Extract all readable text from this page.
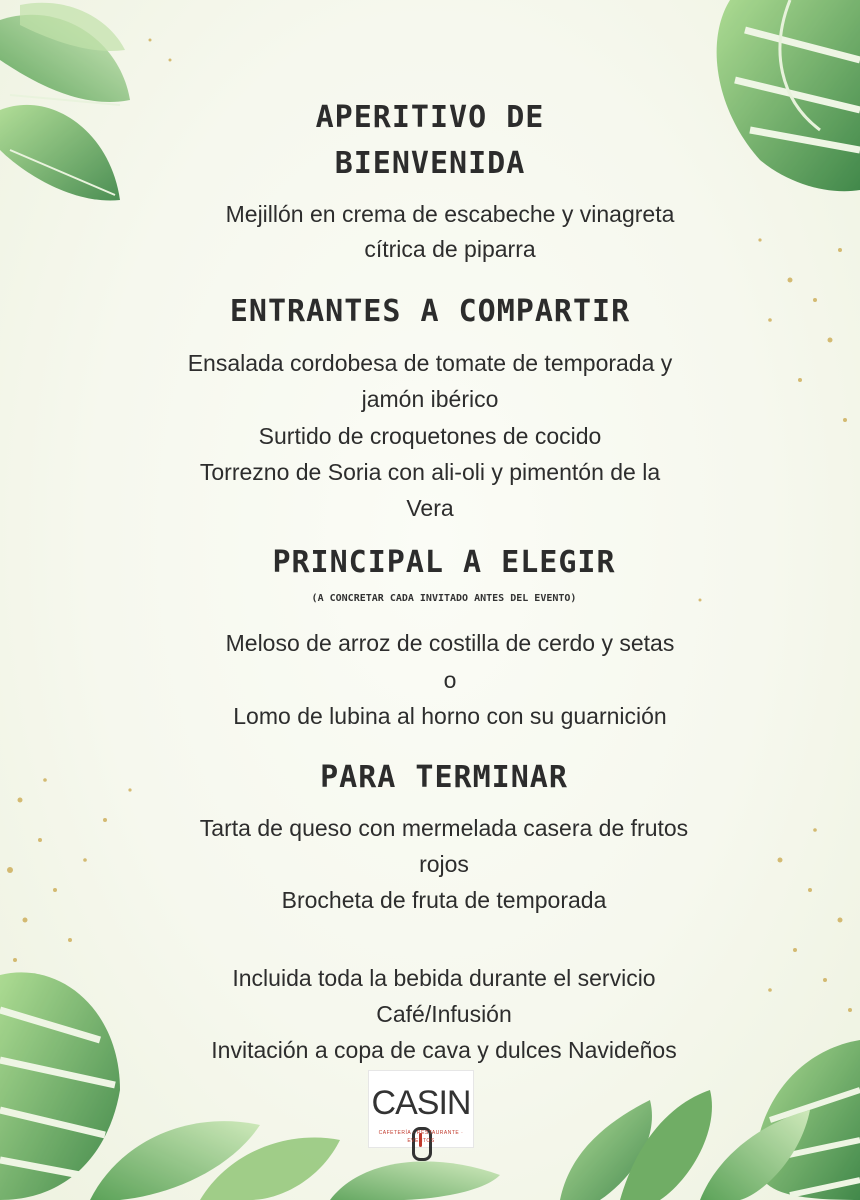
APERITIVO DE
BIENVENIDA

Mejillón en crema de escabeche y vinagreta

cítrica de piparra

ENTRANTES A COMPARTIR

Ensalada cordobesa de tomate de temporada y

jamón ibérico

Surtido de croquetones de cocido

Torrezno de Soria con ali-oli y pimentón de la

Vera

PRINCIPAL A ELEGIR
(A CONCRETAR CADA INVITADO ANTES DEL EVENTO)

Meloso de arroz de costilla de cerdo y setas

o

Lomo de lubina al horno con su guarnición

PARA TERMINAR

Tarta de queso con mermelada casera de frutos

rojos

Brocheta de fruta de temporada

Incluida toda la bebida durante el servicio

Café/Infusión

Invitación a copa de cava y dulces Navideños

CASIN
CAFETERÍA · RESTAURANTE · EVENTOS
